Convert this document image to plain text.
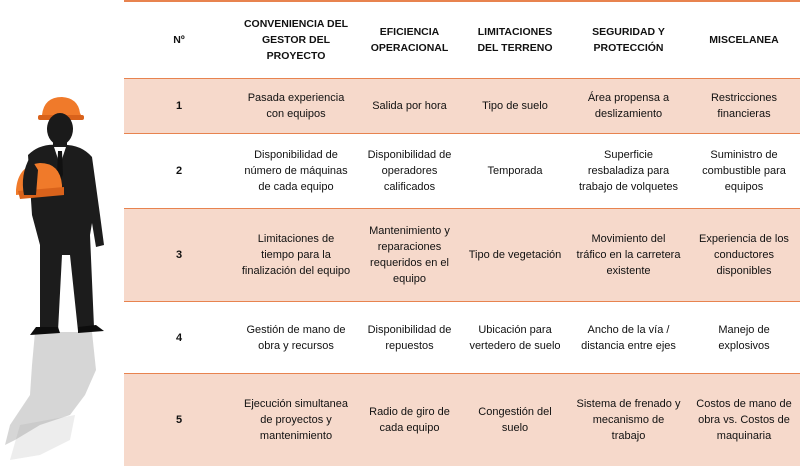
Nº	CONVENIENCIA DEL GESTOR DEL PROYECTO	EFICIENCIA OPERACIONAL	LIMITACIONES DEL TERRENO	SEGURIDAD Y PROTECCIÓN	MISCELANEA
1	Pasada experiencia con equipos	Salida por hora	Tipo de suelo	Área propensa a deslizamiento	Restricciones financieras
2	Disponibilidad de número de máquinas de cada equipo	Disponibilidad de operadores calificados	Temporada	Superficie resbaladiza para trabajo de volquetes	Suministro de combustible para equipos
3	Limitaciones de tiempo para la finalización del equipo	Mantenimiento y reparaciones requeridos en el equipo	Tipo de vegetación	Movimiento del tráfico en la carretera existente	Experiencia de los conductores disponibles
4	Gestión de mano de obra y recursos	Disponibilidad de repuestos	Ubicación para vertedero de suelo	Ancho de la vía / distancia entre ejes	Manejo de explosivos
5	Ejecución simultanea de proyectos y mantenimiento	Radio de giro de cada equipo	Congestión del suelo	Sistema de frenado y mecanismo de trabajo	Costos de mano de obra vs. Costos de maquinaria
